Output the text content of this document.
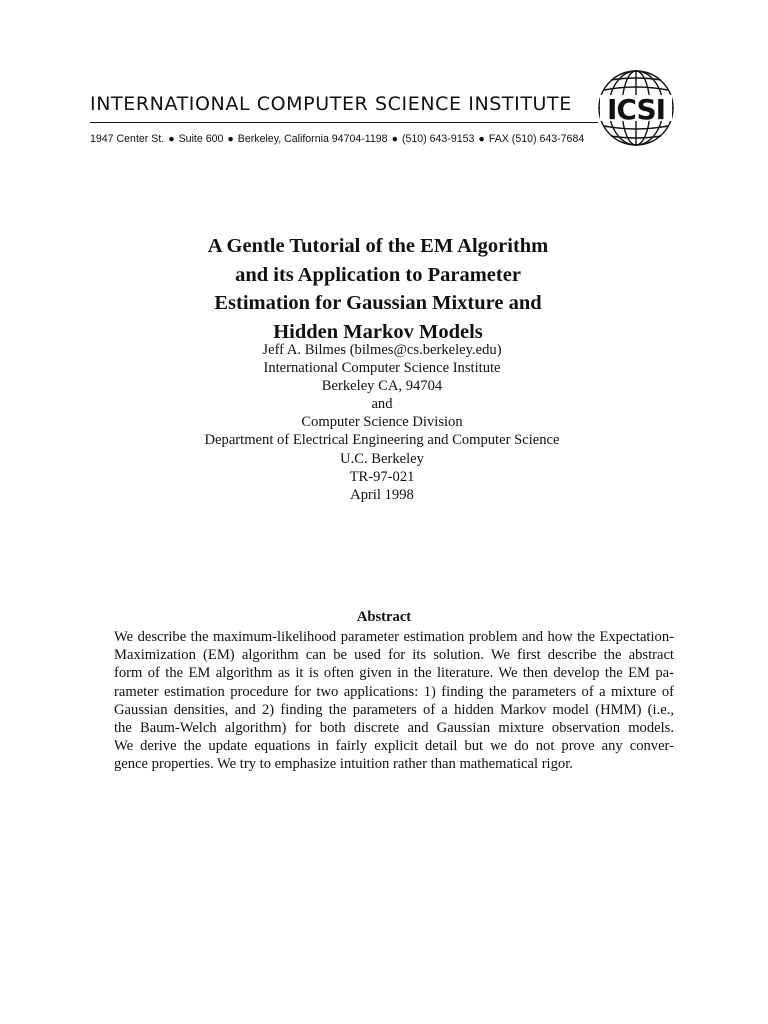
INTERNATIONAL COMPUTER SCIENCE INSTITUTE
1947 Center St. ● Suite 600 ● Berkeley, California 94704-1198 ● (510) 643-9153 ● FAX (510) 643-7684
ICSI
A Gentle Tutorial of the EM Algorithm
and its Application to Parameter
Estimation for Gaussian Mixture and
Hidden Markov Models
Jeff A. Bilmes (bilmes@cs.berkeley.edu)
International Computer Science Institute
Berkeley CA, 94704
and
Computer Science Division
Department of Electrical Engineering and Computer Science
U.C. Berkeley
TR-97-021
April 1998
Abstract
We describe the maximum-likelihood parameter estimation problem and how the Expectation-
Maximization (EM) algorithm can be used for its solution. We first describe the abstract
form of the EM algorithm as it is often given in the literature. We then develop the EM pa-
rameter estimation procedure for two applications: 1) finding the parameters of a mixture of
Gaussian densities, and 2) finding the parameters of a hidden Markov model (HMM) (i.e.,
the Baum-Welch algorithm) for both discrete and Gaussian mixture observation models.
We derive the update equations in fairly explicit detail but we do not prove any conver-
gence properties. We try to emphasize intuition rather than mathematical rigor.
